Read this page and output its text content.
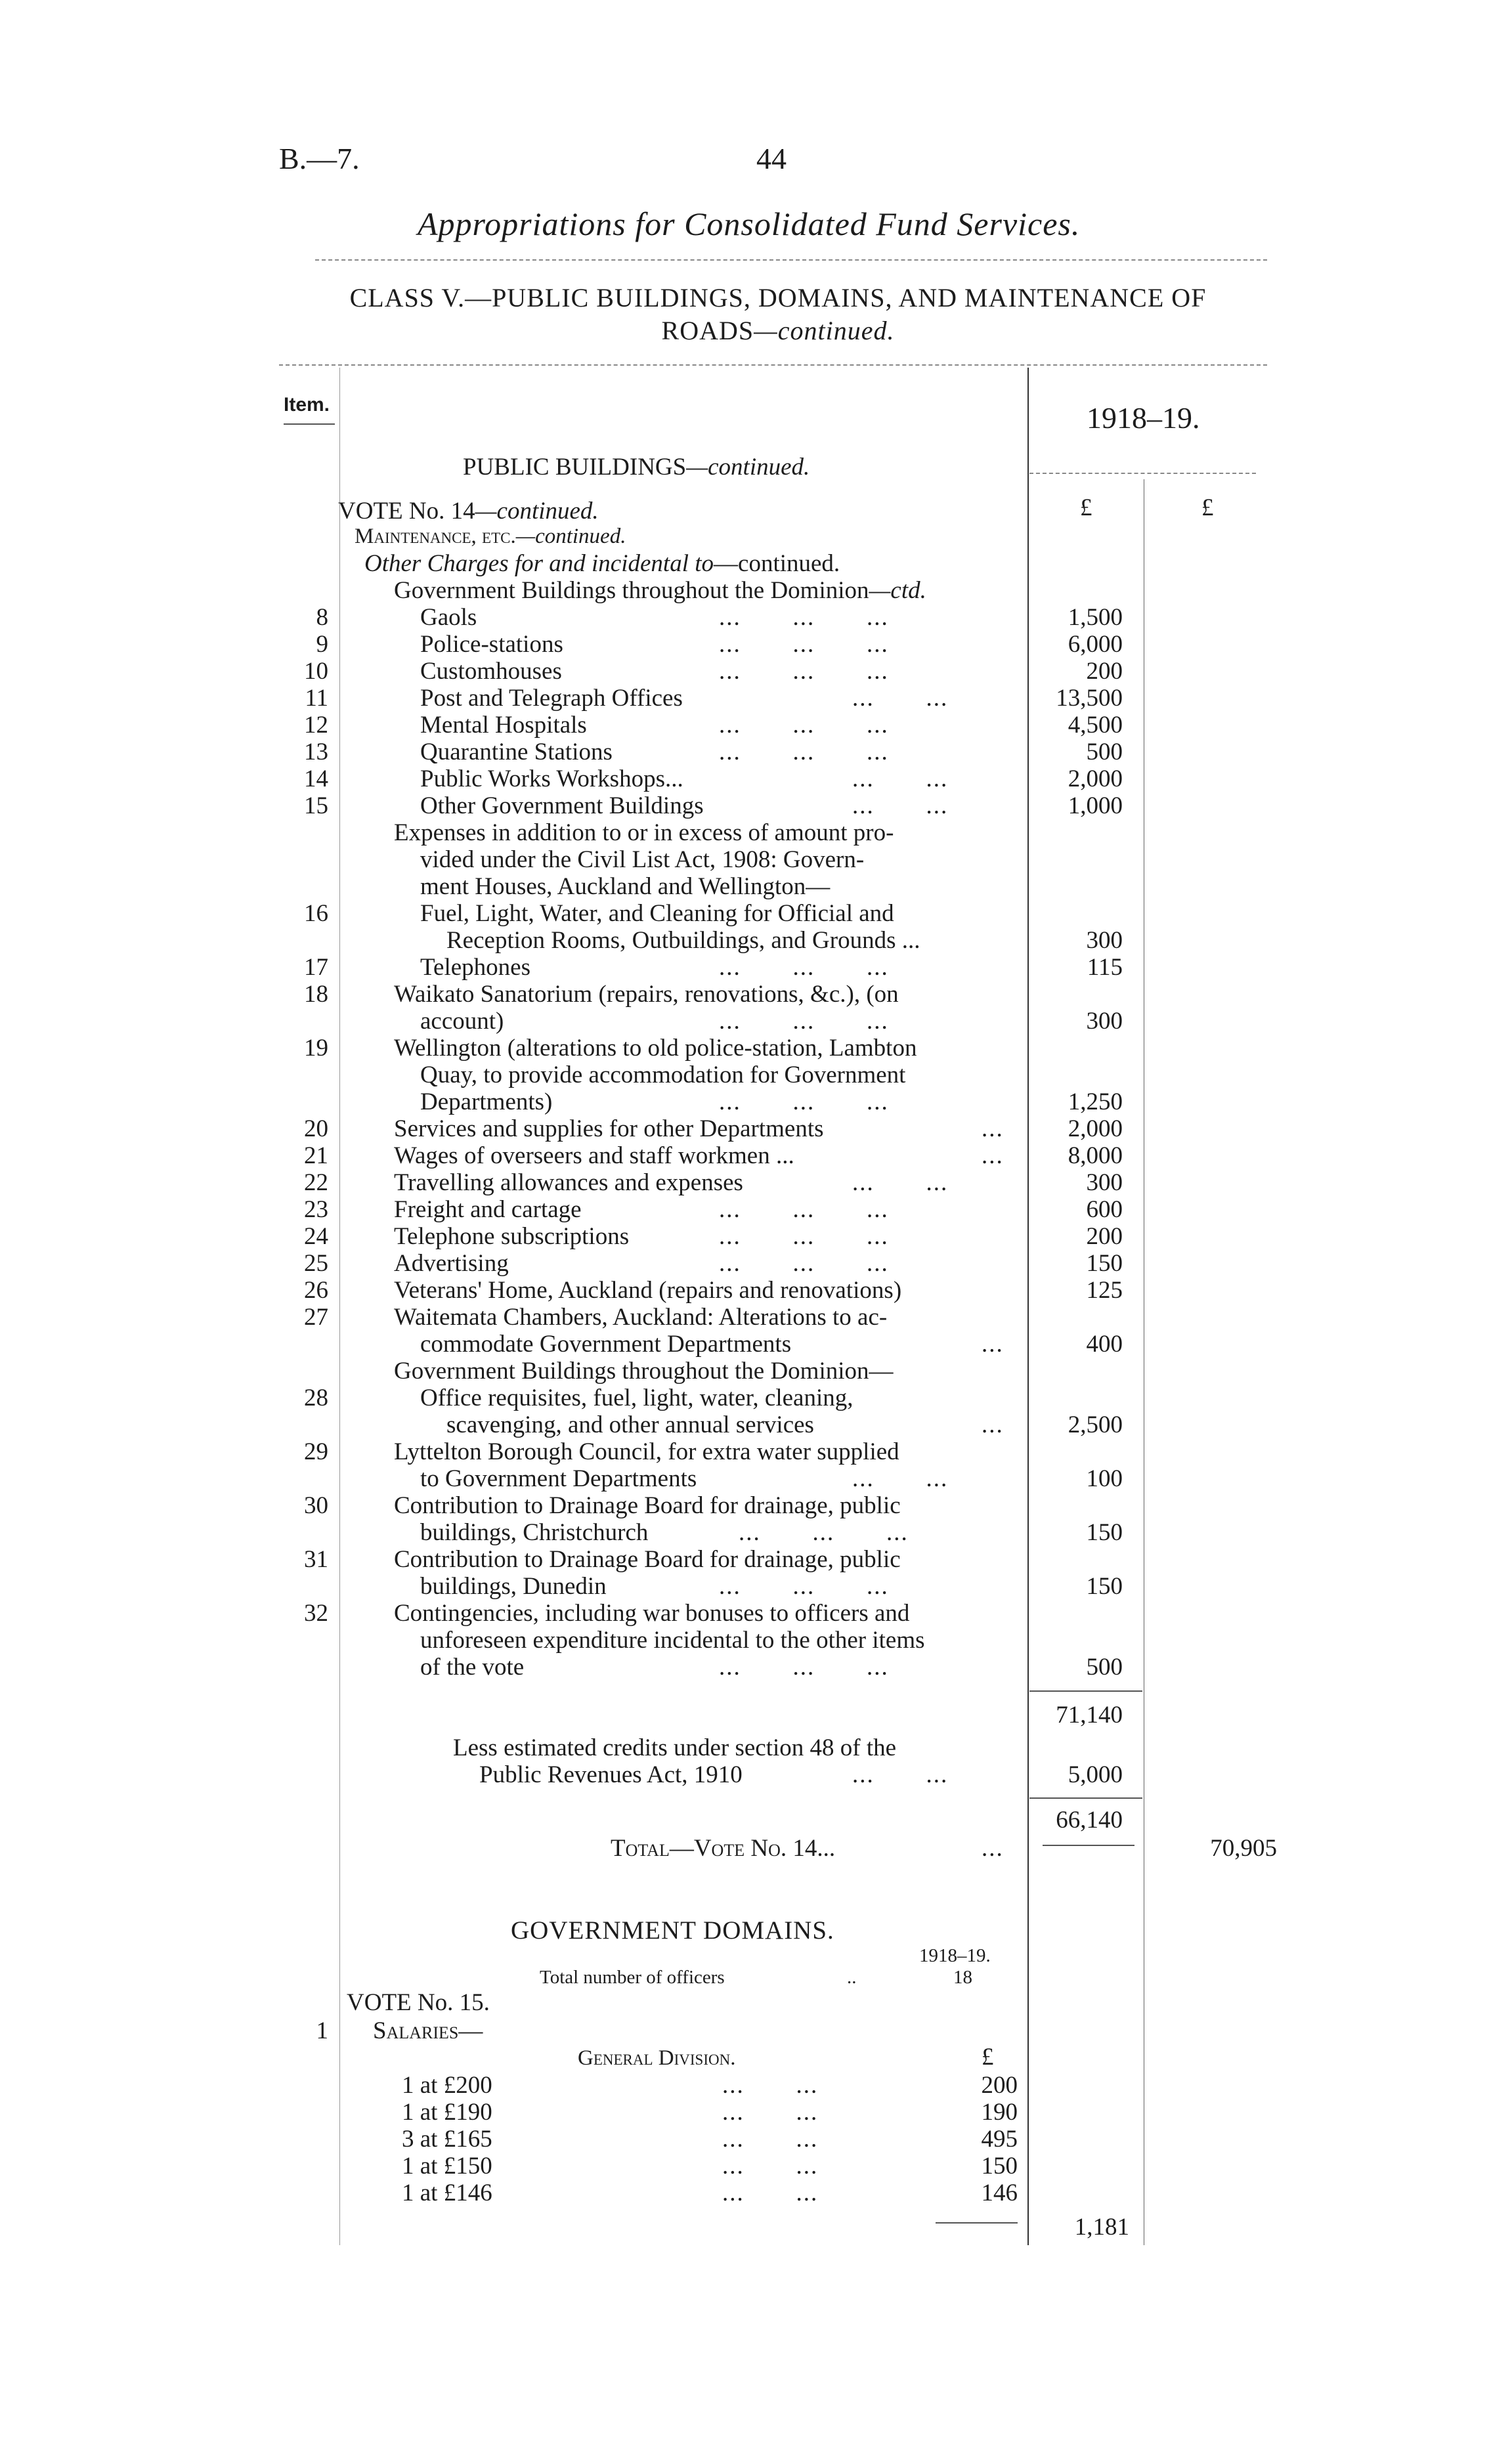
B.—7.	44
Appropriations for Consolidated Fund Services.
CLASS V.—PUBLIC BUILDINGS, DOMAINS, AND MAINTENANCE OF
ROADS—continued.
Item.	1918–19.
PUBLIC BUILDINGS—continued.
£	£
VOTE No. 14—continued.
Maintenance, etc.—continued.
Other Charges for and incidental to—continued.
Government Buildings throughout the Dominion—ctd.
8	Gaols	...       ...       ...	1,500
9	Police-stations	...       ...       ...	6,000
10	Customhouses	...       ...       ...	200
11	Post and Telegraph Offices	...       ...	13,500
12	Mental Hospitals	...       ...       ...	4,500
13	Quarantine Stations	...       ...       ...	500
14	Public Works Workshops...	...       ...	2,000
15	Other Government Buildings	...       ...	1,000
Expenses in addition to or in excess of amount pro-
vided under the Civil List Act, 1908: Govern-
ment Houses, Auckland and Wellington—
16	Fuel, Light, Water, and Cleaning for Official and
Reception Rooms, Outbuildings, and Grounds ...	300
17	Telephones	...       ...       ...	115
18	Waikato Sanatorium (repairs, renovations, &c.), (on
account)	...       ...       ...	300
19	Wellington (alterations to old police-station, Lambton
Quay, to provide accommodation for Government
Departments)	...       ...       ...	1,250
20	Services and supplies for other Departments	...	2,000
21	Wages of overseers and staff workmen ...	...	8,000
22	Travelling allowances and expenses	...       ...	300
23	Freight and cartage	...       ...       ...	600
24	Telephone subscriptions	...       ...       ...	200
25	Advertising	...       ...       ...	150
26	Veterans' Home, Auckland (repairs and renovations)	125
27	Waitemata Chambers, Auckland: Alterations to ac-
commodate Government Departments	...	400
Government Buildings throughout the Dominion—
28	Office requisites, fuel, light, water, cleaning,
scavenging, and other annual services	...	2,500
29	Lyttelton Borough Council, for extra water supplied
to Government Departments	...       ...	100
30	Contribution to Drainage Board for drainage, public
buildings, Christchurch	...       ...       ...	150
31	Contribution to Drainage Board for drainage, public
buildings, Dunedin	...       ...       ...	150
32	Contingencies, including war bonuses to officers and
unforeseen expenditure incidental to the other items
of the vote	...       ...       ...	500
71,140
Less estimated credits under section 48 of the
Public Revenues Act, 1910	...       ...	5,000
66,140
Total—Vote No. 14...	...	70,905
GOVERNMENT DOMAINS.
1918–19.
Total number of officers	..	18
VOTE No. 15.
1 Salaries—
General Division.	£
1 at £200	...       ...	200
1 at £190	...       ...	190
3 at £165	...       ...	495
1 at £150	...       ...	150
1 at £146	...       ...	146
1,181
